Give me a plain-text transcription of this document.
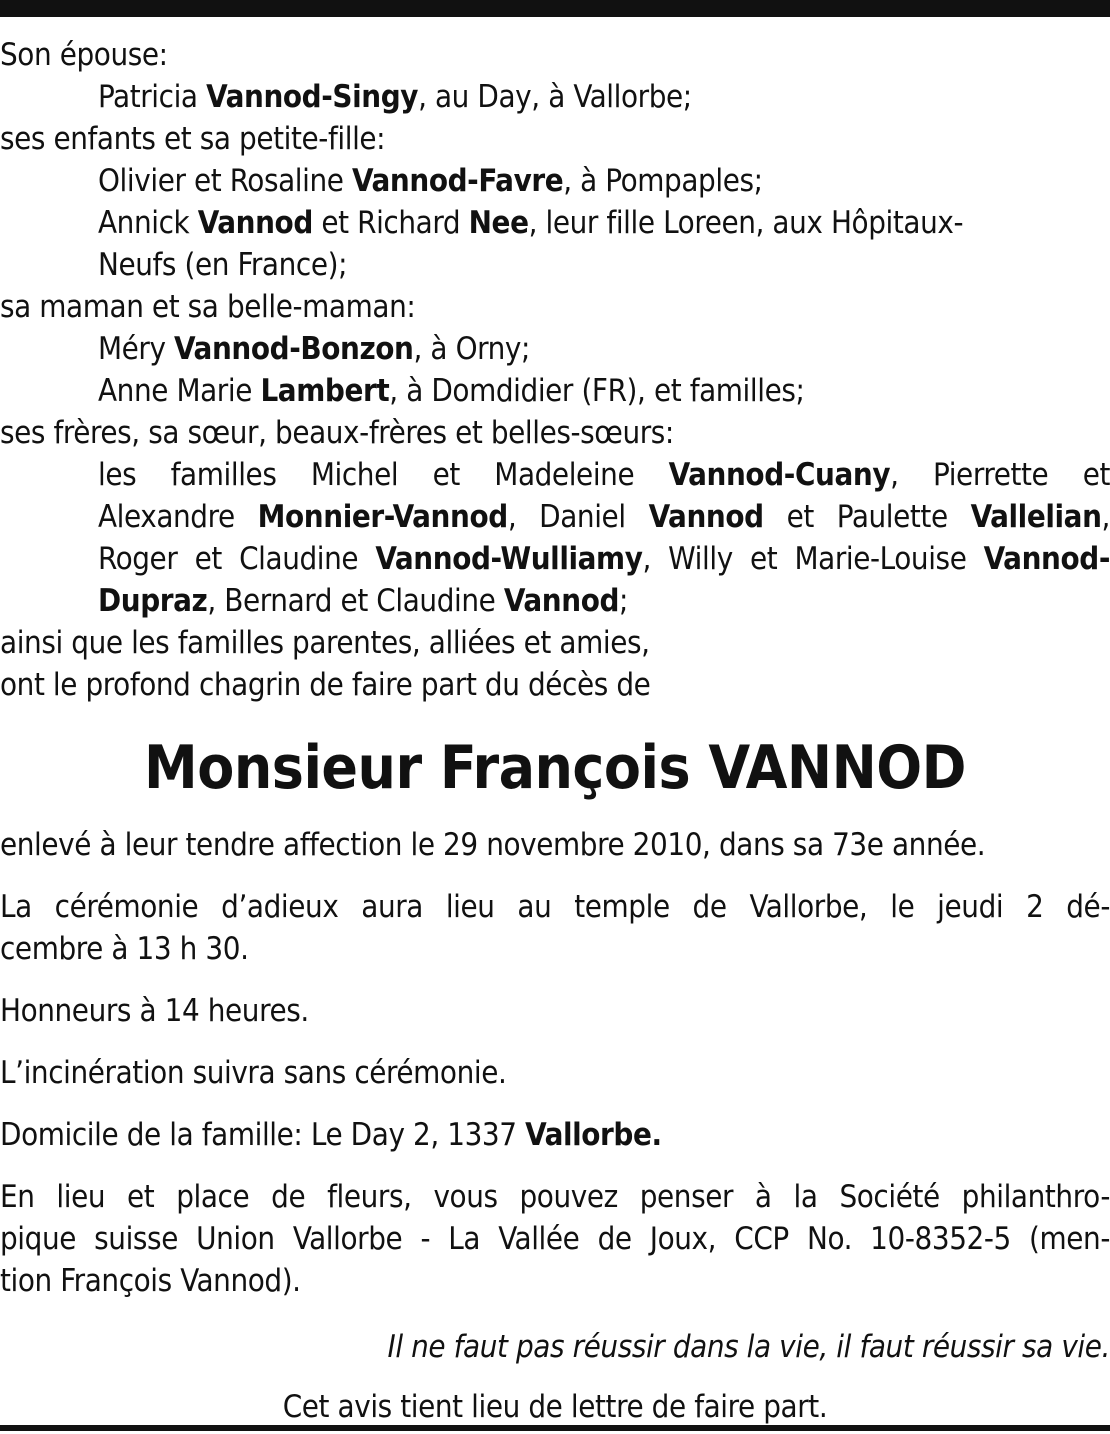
Son épouse:
Patricia Vannod-Singy, au Day, à Vallorbe;
ses enfants et sa petite-fille:
Olivier et Rosaline Vannod-Favre, à Pompaples;
Annick Vannod et Richard Nee, leur fille Loreen, aux Hôpitaux-
Neufs (en France);
sa maman et sa belle-maman:
Méry Vannod-Bonzon, à Orny;
Anne Marie Lambert, à Domdidier (FR), et familles;
ses frères, sa sœur, beaux-frères et belles-sœurs:
les familles Michel et Madeleine Vannod-Cuany, Pierrette et
Alexandre Monnier-Vannod, Daniel Vannod et Paulette Vallelian,
Roger et Claudine Vannod-Wulliamy, Willy et Marie-Louise Vannod-
Dupraz, Bernard et Claudine Vannod;
ainsi que les familles parentes, alliées et amies,
ont le profond chagrin de faire part du décès de
Monsieur François VANNOD
enlevé à leur tendre affection le 29 novembre 2010, dans sa 73e année.
La cérémonie d’adieux aura lieu au temple de Vallorbe, le jeudi 2 dé-
cembre à 13 h 30.
Honneurs à 14 heures.
L’incinération suivra sans cérémonie.
Domicile de la famille: Le Day 2, 1337 Vallorbe.
En lieu et place de fleurs, vous pouvez penser à la Société philanthro-
pique suisse Union Vallorbe - La Vallée de Joux, CCP No. 10-8352-5 (men-
tion François Vannod).
Il ne faut pas réussir dans la vie, il faut réussir sa vie.
Cet avis tient lieu de lettre de faire part.
